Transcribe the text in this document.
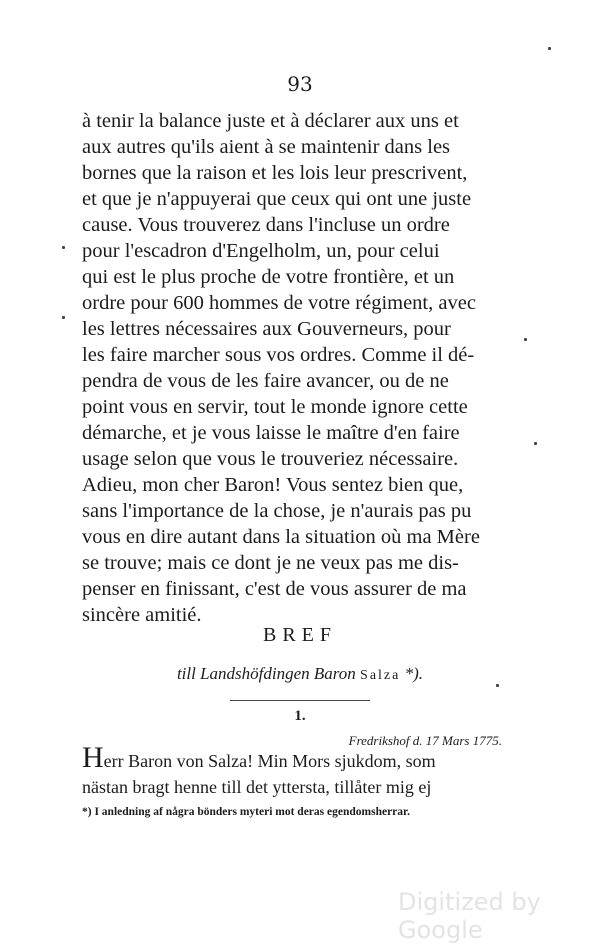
93
à tenir la balance juste et à déclarer aux uns et
aux autres qu'ils aient à se maintenir dans les
bornes que la raison et les lois leur prescrivent,
et que je n'appuyerai que ceux qui ont une juste
cause. Vous trouverez dans l'incluse un ordre
pour l'escadron d'Engelholm, un, pour celui
qui est le plus proche de votre frontière, et un
ordre pour 600 hommes de votre régiment, avec
les lettres nécessaires aux Gouverneurs, pour
les faire marcher sous vos ordres. Comme il dé-
pendra de vous de les faire avancer, ou de ne
point vous en servir, tout le monde ignore cette
démarche, et je vous laisse le maître d'en faire
usage selon que vous le trouveriez nécessaire.
Adieu, mon cher Baron! Vous sentez bien que,
sans l'importance de la chose, je n'aurais pas pu
vous en dire autant dans la situation où ma Mère
se trouve; mais ce dont je ne veux pas me dis-
penser en finissant, c'est de vous assurer de ma
sincère amitié.
BREF
till Landshöfdingen Baron Salza *).
1.
Fredrikshof d. 17 Mars 1775.
Herr Baron von Salza! Min Mors sjukdom, som
nästan bragt henne till det yttersta, tillåter mig ej
*) I anledning af några bönders myteri mot deras egendomsherrar.
Digitized by Google
